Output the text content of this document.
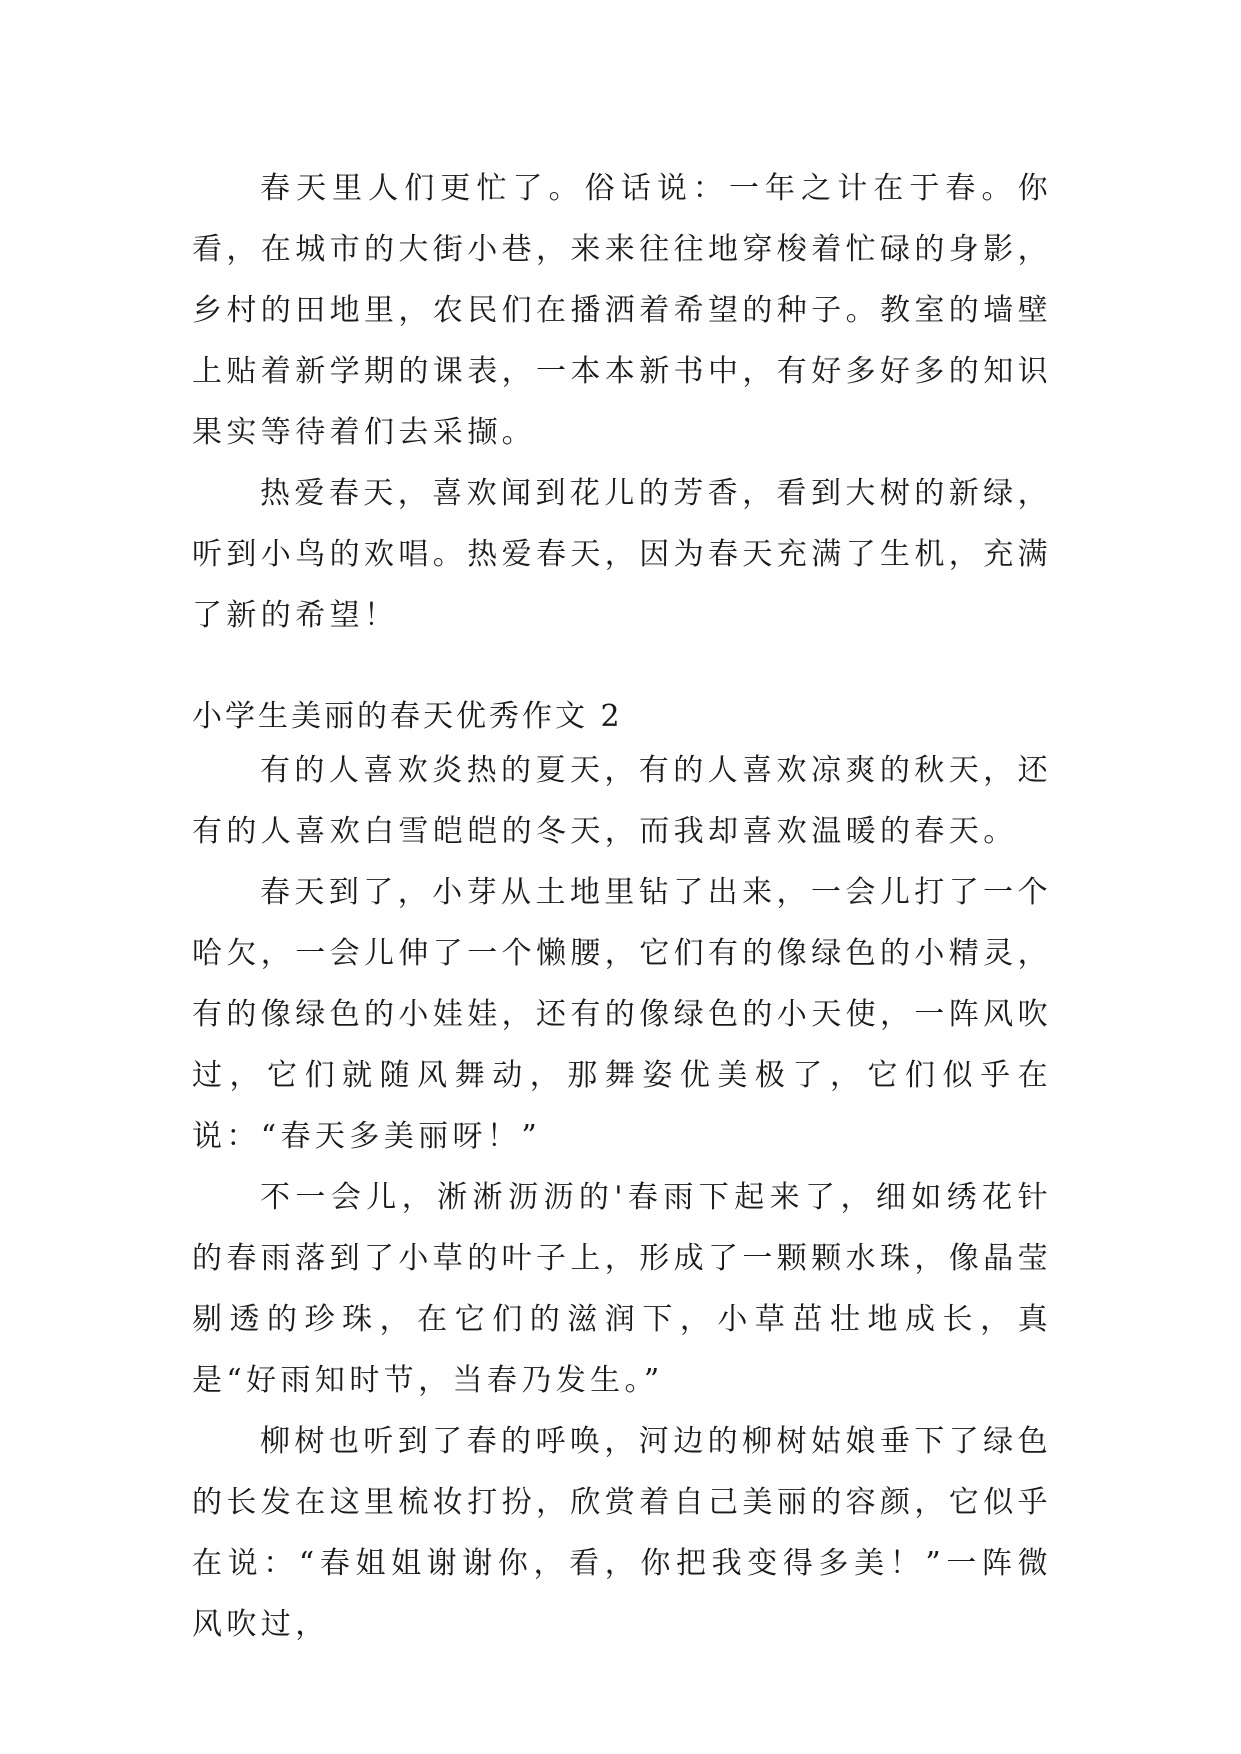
春天里人们更忙了。俗话说：一年之计在于春。你看，在城市的大街小巷，来来往往地穿梭着忙碌的身影，乡村的田地里，农民们在播洒着希望的种子。教室的墙壁上贴着新学期的课表，一本本新书中，有好多好多的知识果实等待着们去采撷。

热爱春天，喜欢闻到花儿的芳香，看到大树的新绿，听到小鸟的欢唱。热爱春天，因为春天充满了生机，充满了新的希望！

小学生美丽的春天优秀作文 2

有的人喜欢炎热的夏天，有的人喜欢凉爽的秋天，还有的人喜欢白雪皑皑的冬天，而我却喜欢温暖的春天。

春天到了，小芽从土地里钻了出来，一会儿打了一个哈欠，一会儿伸了一个懒腰，它们有的像绿色的小精灵，有的像绿色的小娃娃，还有的像绿色的小天使，一阵风吹过，它们就随风舞动，那舞姿优美极了，它们似乎在说：“春天多美丽呀！”

不一会儿，淅淅沥沥的'春雨下起来了，细如绣花针的春雨落到了小草的叶子上，形成了一颗颗水珠，像晶莹剔透的珍珠，在它们的滋润下，小草茁壮地成长，真是“好雨知时节，当春乃发生。”

柳树也听到了春的呼唤，河边的柳树姑娘垂下了绿色的长发在这里梳妆打扮，欣赏着自己美丽的容颜，它似乎在说：“春姐姐谢谢你，看，你把我变得多美！”一阵微风吹过，
